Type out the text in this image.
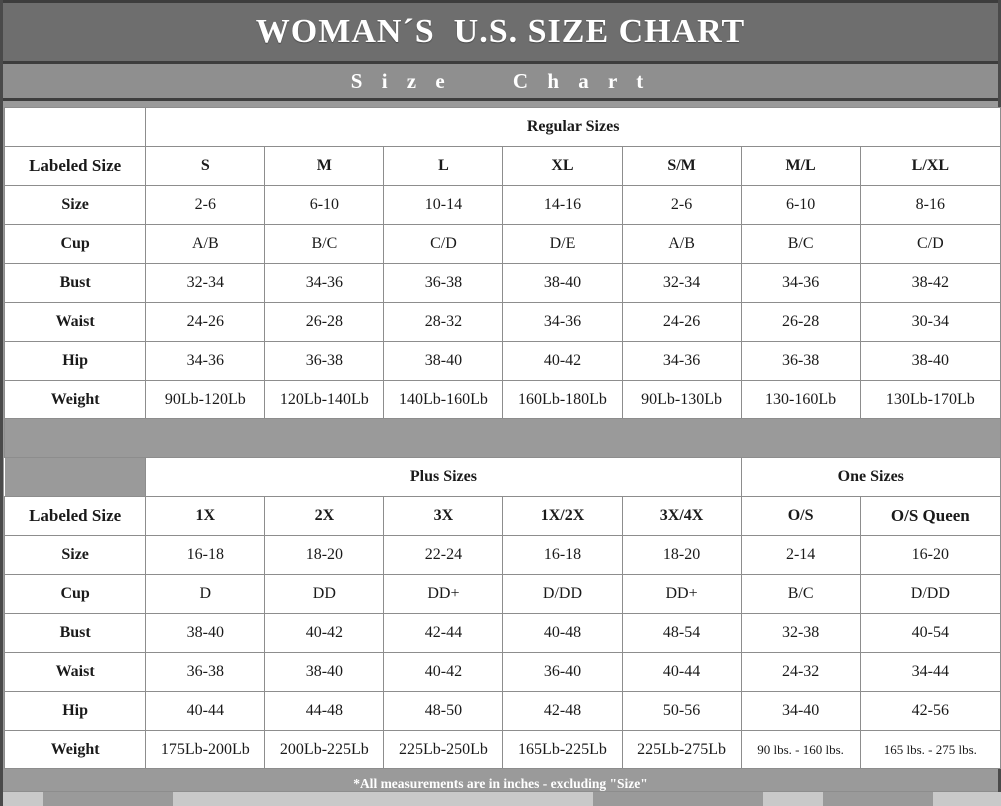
WOMAN´S  U.S. SIZE CHART
S i z e     C h a r t
	Regular Sizes						
Labeled Size	S	M	L	XL	S/M	M/L	L/XL
Size	2-6	6-10	10-14	14-16	2-6	6-10	8-16
Cup	A/B	B/C	C/D	D/E	A/B	B/C	C/D
Bust	32-34	34-36	36-38	38-40	32-34	34-36	38-42
Waist	24-26	26-28	28-32	34-36	24-26	26-28	30-34
Hip	34-36	36-38	38-40	40-42	34-36	36-38	38-40
Weight	90Lb-120Lb	120Lb-140Lb	140Lb-160Lb	160Lb-180Lb	90Lb-130Lb	130-160Lb	130Lb-170Lb

	Plus Sizes					One Sizes	
Labeled Size	1X	2X	3X	1X/2X	3X/4X	O/S	O/S Queen
Size	16-18	18-20	22-24	16-18	18-20	2-14	16-20
Cup	D	DD	DD+	D/DD	DD+	B/C	D/DD
Bust	38-40	40-42	42-44	40-48	48-54	32-38	40-54
Waist	36-38	38-40	40-42	36-40	40-44	24-32	34-44
Hip	40-44	44-48	48-50	42-48	50-56	34-40	42-56
Weight	175Lb-200Lb	200Lb-225Lb	225Lb-250Lb	165Lb-225Lb	225Lb-275Lb	90 lbs. - 160 lbs.	165 lbs. - 275 lbs.
*All measurements are in inches - excluding "Size"
